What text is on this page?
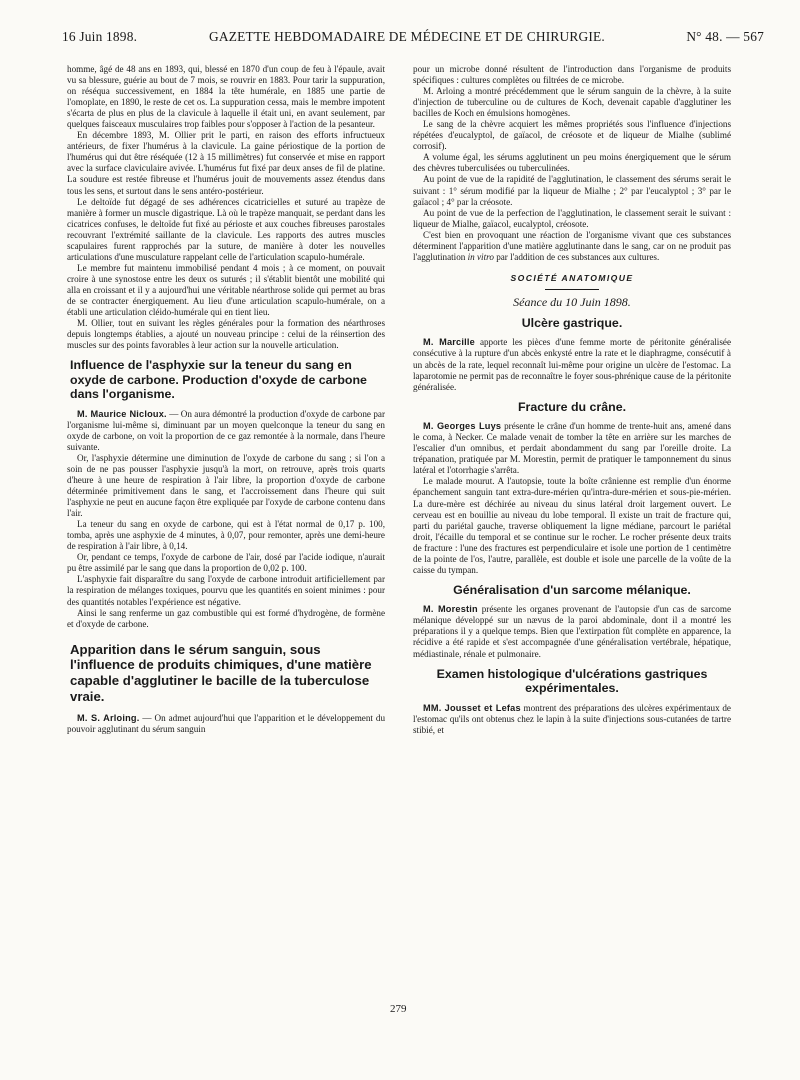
16 Juin 1898.	GAZETTE HEBDOMADAIRE DE MÉDECINE ET DE CHIRURGIE.	N° 48. — 567

homme, âgé de 48 ans en 1893, qui, blessé en 1870 d'un coup de feu à l'épaule, avait vu sa blessure, guérie au bout de 7 mois, se rouvrir en 1883. Pour tarir la suppuration, on réséqua successivement, en 1884 la tête humérale, en 1885 une partie de l'omoplate, en 1890, le reste de cet os. La suppuration cessa, mais le membre impotent s'écarta de plus en plus de la clavicule à laquelle il était uni, en avant seulement, par quelques faisceaux musculaires trop faibles pour s'opposer à l'action de la pesanteur.

En décembre 1893, M. Ollier prit le parti, en raison des efforts infructueux antérieurs, de fixer l'humérus à la clavicule. La gaine périostique de la portion de l'humérus qui dut être réséquée (12 à 15 millimètres) fut conservée et mise en rapport avec la surface claviculaire avivée. L'humérus fut fixé par deux anses de fil de platine. La soudure est restée fibreuse et l'humérus jouit de mouvements assez étendus dans tous les sens, et surtout dans le sens antéro-postérieur.

Le deltoïde fut dégagé de ses adhérences cicatricielles et suturé au trapèze de manière à former un muscle digastrique. Là où le trapèze manquait, se perdant dans les cicatrices confuses, le deltoïde fut fixé au périoste et aux couches fibreuses parostales recouvrant l'extrémité saillante de la clavicule. Les rapports des autres muscles scapulaires furent rapprochés par la suture, de manière à doter les nouvelles articulations d'une musculature rappelant celle de l'articulation scapulo-humérale.

Le membre fut maintenu immobilisé pendant 4 mois ; à ce moment, on pouvait croire à une synostose entre les deux os suturés ; il s'établit bientôt une mobilité qui alla en croissant et il y a aujourd'hui une véritable néarthrose solide qui permet au bras de se contracter énergiquement. Au lieu d'une articulation scapulo-humérale, on a établi une articulation cléido-humérale qui en tient lieu.

M. Ollier, tout en suivant les règles générales pour la formation des néarthroses depuis longtemps établies, a ajouté un nouveau principe : celui de la réinsertion des muscles sur des points favorables à leur action sur la nouvelle articulation.

Influence de l'asphyxie sur la teneur du sang en oxyde de carbone. Production d'oxyde de carbone dans l'organisme.

M. Maurice Nicloux. — On aura démontré la production d'oxyde de carbone par l'organisme lui-même si, diminuant par un moyen quelconque la teneur du sang en oxyde de carbone, on voit la proportion de ce gaz remontée à la normale, dans l'heure suivante.

Or, l'asphyxie détermine une diminution de l'oxyde de carbone du sang ; si l'on a soin de ne pas pousser l'asphyxie jusqu'à la mort, on retrouve, après trois quarts d'heure à une heure de respiration à l'air libre, la proportion d'oxyde de carbone déterminée primitivement dans le sang, et l'accroissement dans l'heure qui suit l'asphyxie ne peut en aucune façon être expliquée par l'oxyde de carbone contenu dans l'air.

La teneur du sang en oxyde de carbone, qui est à l'état normal de 0,17 p. 100, tomba, après une asphyxie de 4 minutes, à 0,07, pour remonter, après une demi-heure de respiration à l'air libre, à 0,14.

Or, pendant ce temps, l'oxyde de carbone de l'air, dosé par l'acide iodique, n'aurait pu être assimilé par le sang que dans la proportion de 0,02 p. 100.

L'asphyxie fait disparaître du sang l'oxyde de carbone introduit artificiellement par la respiration de mélanges toxiques, pourvu que les quantités en soient minimes : pour des quantités notables l'expérience est négative.

Ainsi le sang renferme un gaz combustible qui est formé d'hydrogène, de formène et d'oxyde de carbone.

Apparition dans le sérum sanguin, sous l'influence de produits chimiques, d'une matière capable d'agglutiner le bacille de la tuberculose vraie.

M. S. Arloing. — On admet aujourd'hui que l'apparition et le développement du pouvoir agglutinant du sérum sanguin

pour un microbe donné résultent de l'introduction dans l'organisme de produits spécifiques : cultures complètes ou filtrées de ce microbe.

M. Arloing a montré précédemment que le sérum sanguin de la chèvre, à la suite d'injection de tuberculine ou de cultures de Koch, devenait capable d'agglutiner les bacilles de Koch en émulsions homogènes.

Le sang de la chèvre acquiert les mêmes propriétés sous l'influence d'injections répétées d'eucalyptol, de gaïacol, de créosote et de liqueur de Mialhe (sublimé corrosif).

A volume égal, les sérums agglutinent un peu moins énergiquement que le sérum des chèvres tuberculisées ou tuberculinées.

Au point de vue de la rapidité de l'agglutination, le classement des sérums serait le suivant : 1° sérum modifié par la liqueur de Mialhe ; 2° par l'eucalyptol ; 3° par le gaïacol ; 4° par la créosote.

Au point de vue de la perfection de l'agglutination, le classement serait le suivant : liqueur de Mialhe, gaïacol, eucalyptol, créosote.

C'est bien en provoquant une réaction de l'organisme vivant que ces substances déterminent l'apparition d'une matière agglutinante dans le sang, car on ne produit pas l'agglutination in vitro par l'addition de ces substances aux cultures.

SOCIÉTÉ ANATOMIQUE
Séance du 10 Juin 1898.
Ulcère gastrique.

M. Marcille apporte les pièces d'une femme morte de péritonite généralisée consécutive à la rupture d'un abcès enkysté entre la rate et le diaphragme, consécutif à un abcès de la rate, lequel reconnaît lui-même pour origine un ulcère de l'estomac. La laparotomie ne permit pas de reconnaître le foyer sous-phrénique cause de la péritonite généralisée.

Fracture du crâne.

M. Georges Luys présente le crâne d'un homme de trente-huit ans, amené dans le coma, à Necker. Ce malade venait de tomber la tête en arrière sur les marches de l'escalier d'un omnibus, et perdait abondamment du sang par l'oreille droite. La trépanation, pratiquée par M. Morestin, permit de pratiquer le tamponnement du sinus latéral et l'otorrhagie s'arrêta.

Le malade mourut. A l'autopsie, toute la boîte crânienne est remplie d'un énorme épanchement sanguin tant extra-dure-mérien qu'intra-dure-mérien et sous-pie-mérien. La dure-mère est déchirée au niveau du sinus latéral droit largement ouvert. Le cerveau est en bouillie au niveau du lobe temporal. Il existe un trait de fracture qui, parti du pariétal gauche, traverse obliquement la ligne médiane, parcourt le pariétal droit, l'écaille du temporal et se continue sur le rocher. Le rocher présente deux traits de fracture : l'une des fractures est perpendiculaire et isole une portion de 1 centimètre de la pointe de l'os, l'autre, parallèle, est double et isole une parcelle de la voûte de la caisse du tympan.

Généralisation d'un sarcome mélanique.

M. Morestin présente les organes provenant de l'autopsie d'un cas de sarcome mélanique développé sur un nævus de la paroi abdominale, dont il a montré les préparations il y a quelque temps. Bien que l'extirpation fût complète en apparence, la récidive a été rapide et s'est accompagnée d'une généralisation vertébrale, hépatique, médiastinale, rénale et pulmonaire.

Examen histologique d'ulcérations gastriques expérimentales.

MM. Jousset et Lefas montrent des préparations des ulcères expérimentaux de l'estomac qu'ils ont obtenus chez le lapin à la suite d'injections sous-cutanées de tartre stibié, et

279
